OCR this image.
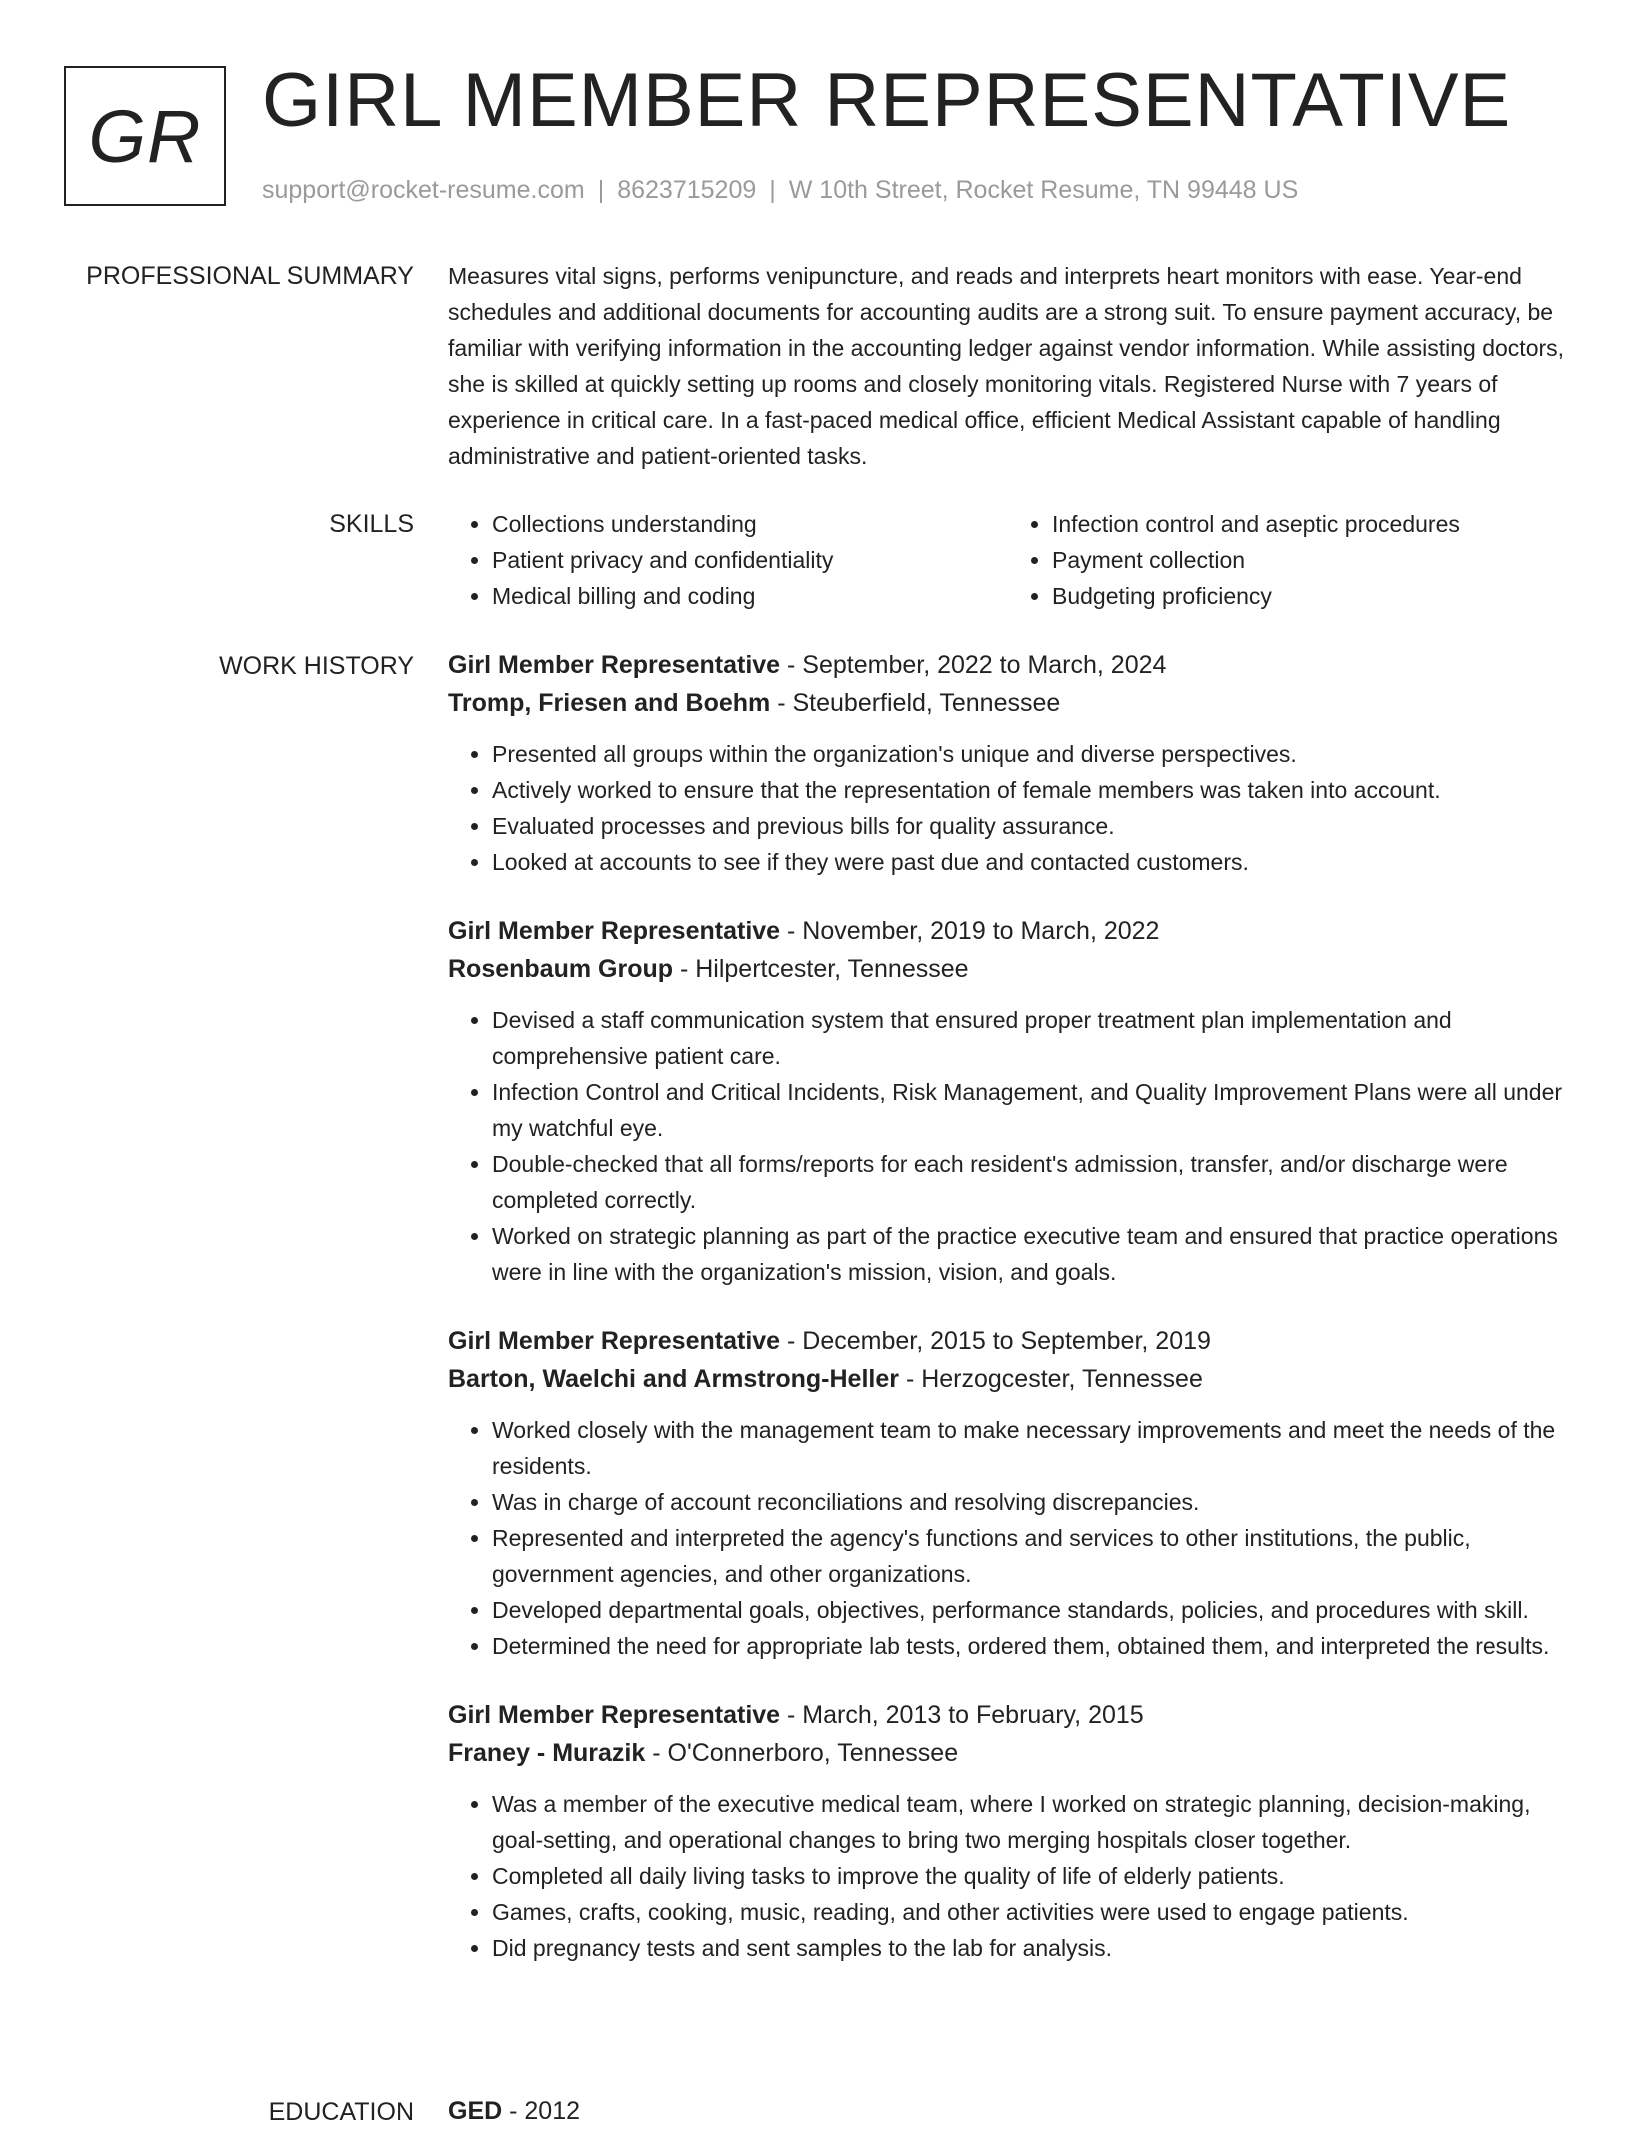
GR GIRL MEMBER REPRESENTATIVE
support@rocket-resume.com | 8623715209 | W 10th Street, Rocket Resume, TN 99448 US
PROFESSIONAL SUMMARY Measures vital signs, performs venipuncture, and reads and interprets heart monitors with ease. Year-end schedules and additional documents for accounting audits are a strong suit. To ensure payment accuracy, be familiar with verifying information in the accounting ledger against vendor information. While assisting doctors, she is skilled at quickly setting up rooms and closely monitoring vitals. Registered Nurse with 7 years of experience in critical care. In a fast-paced medical office, efficient Medical Assistant capable of handling administrative and patient-oriented tasks.

SKILLS
•	Collections understanding
• Patient privacy and confidentiality
• Medical billing and coding
• Infection control and aseptic procedures
• Payment collection
• Budgeting proficiency
WORK HISTORY Girl Member Representative - September, 2022 to March, 2024
Tromp, Friesen and Boehm - Steuberfield, Tennessee
• Presented all groups within the organization's unique and diverse perspectives.
• Actively worked to ensure that the representation of female members was taken into account.
• Evaluated processes and previous bills for quality assurance.
• Looked at accounts to see if they were past due and contacted customers.
Girl Member Representative - November, 2019 to March, 2022
Rosenbaum Group - Hilpertcester, Tennessee
• Devised a staff communication system that ensured proper treatment plan implementation and comprehensive patient care.
• Infection Control and Critical Incidents, Risk Management, and Quality Improvement Plans were all under my watchful eye.
• Double-checked that all forms/reports for each resident's admission, transfer, and/or discharge were completed correctly.
• Worked on strategic planning as part of the practice executive team and ensured that practice operations were in line with the organization's mission, vision, and goals.
Girl Member Representative - December, 2015 to September, 2019
Barton, Waelchi and Armstrong-Heller - Herzogcester, Tennessee
• Worked closely with the management team to make necessary improvements and meet the needs of the residents.
• Was in charge of account reconciliations and resolving discrepancies.
• Represented and interpreted the agency's functions and services to other institutions, the public, government agencies, and other organizations.
• Developed departmental goals, objectives, performance standards, policies, and procedures with skill.
• Determined the need for appropriate lab tests, ordered them, obtained them, and interpreted the results.
Girl Member Representative - March, 2013 to February, 2015
Franey - Murazik - O'Connerboro, Tennessee
• Was a member of the executive medical team, where I worked on strategic planning, decision-making, goal-setting, and operational changes to bring two merging hospitals closer together.
• Completed all daily living tasks to improve the quality of life of elderly patients.
• Games, crafts, cooking, music, reading, and other activities were used to engage patients.
• Did pregnancy tests and sent samples to the lab for analysis.
EDUCATION GED - 2012
